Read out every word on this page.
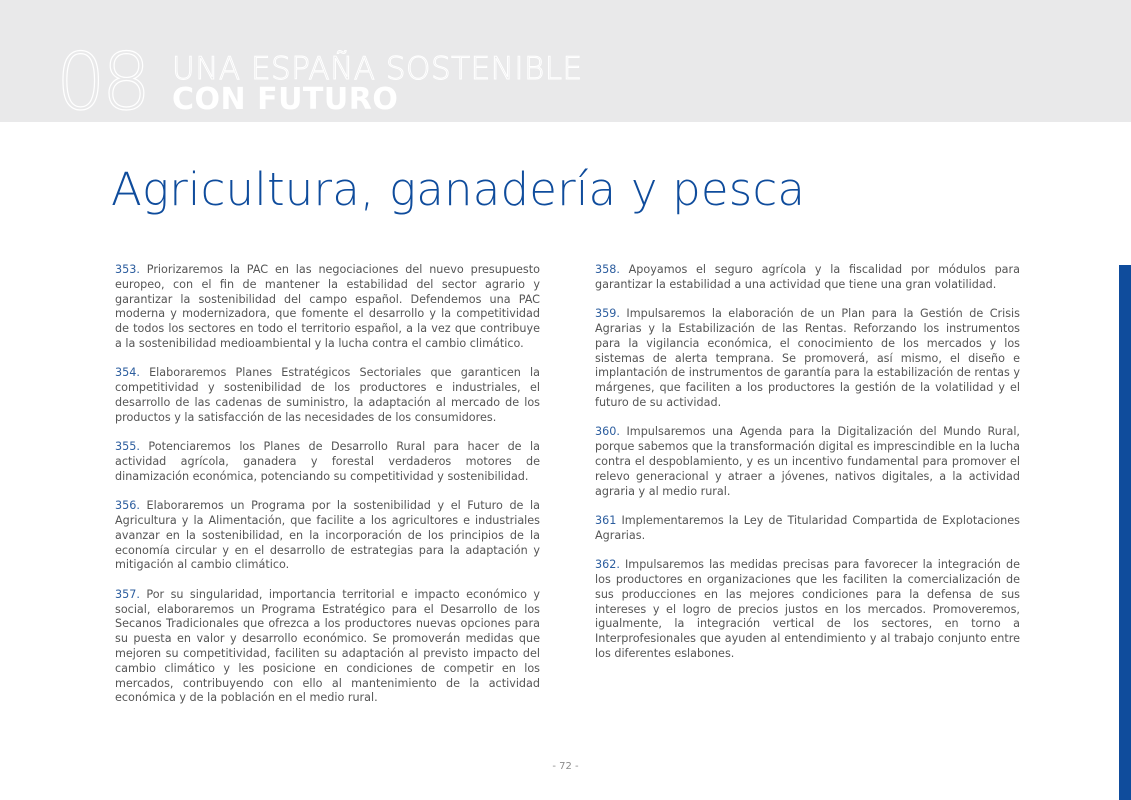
08 UNA ESPAÑA SOSTENIBLE
CON FUTURO
Agricultura, ganadería y pesca

353. Priorizaremos la PAC en las negociaciones del nuevo presupuesto europeo, con el fin de mantener la estabilidad del sector agrario y garantizar la sostenibilidad del campo español. Defendemos una PAC moderna y modernizadora, que fomente el desarrollo y la competitividad de todos los sectores en todo el territorio español, a la vez que contribuye a la sostenibilidad medioambiental y la lucha contra el cambio climático.

354. Elaboraremos Planes Estratégicos Sectoriales que garanticen la competitividad y sostenibilidad de los productores e industriales, el desarrollo de las cadenas de suministro, la adaptación al mercado de los productos y la satisfacción de las necesidades de los consumidores.

355. Potenciaremos los Planes de Desarrollo Rural para hacer de la actividad agrícola, ganadera y forestal verdaderos motores de dinamización económica, potenciando su competitividad y sostenibilidad.

356. Elaboraremos un Programa por la sostenibilidad y el Futuro de la Agricultura y la Alimentación, que facilite a los agricultores e industriales avanzar en la sostenibilidad, en la incorporación de los principios de la economía circular y en el desarrollo de estrategias para la adaptación y mitigación al cambio climático.

357. Por su singularidad, importancia territorial e impacto económico y social, elaboraremos un Programa Estratégico para el Desarrollo de los Secanos Tradicionales que ofrezca a los productores nuevas opciones para su puesta en valor y desarrollo económico. Se promoverán medidas que mejoren su competitividad, faciliten su adaptación al previsto impacto del cambio climático y les posicione en condiciones de competir en los mercados, contribuyendo con ello al mantenimiento de la actividad económica y de la población en el medio rural.

358. Apoyamos el seguro agrícola y la fiscalidad por módulos para garantizar la estabilidad a una actividad que tiene una gran volatilidad.

359. Impulsaremos la elaboración de un Plan para la Gestión de Crisis Agrarias y la Estabilización de las Rentas. Reforzando los instrumentos para la vigilancia económica, el conocimiento de los mercados y los sistemas de alerta temprana. Se promoverá, así mismo, el diseño e implantación de instrumentos de garantía para la estabilización de rentas y márgenes, que faciliten a los productores la gestión de la volatilidad y el futuro de su actividad.

360. Impulsaremos una Agenda para la Digitalización del Mundo Rural, porque sabemos que la transformación digital es imprescindible en la lucha contra el despoblamiento, y es un incentivo fundamental para promover el relevo generacional y atraer a jóvenes, nativos digitales, a la actividad agraria y al medio rural.

361 Implementaremos la Ley de Titularidad Compartida de Explotaciones Agrarias.

362. Impulsaremos las medidas precisas para favorecer la integración de los productores en organizaciones que les faciliten la comercialización de sus producciones en las mejores condiciones para la defensa de sus intereses y el logro de precios justos en los mercados. Promoveremos, igualmente, la integración vertical de los sectores, en torno a Interprofesionales que ayuden al entendimiento y al trabajo conjunto entre los diferentes eslabones.

- 72 -
